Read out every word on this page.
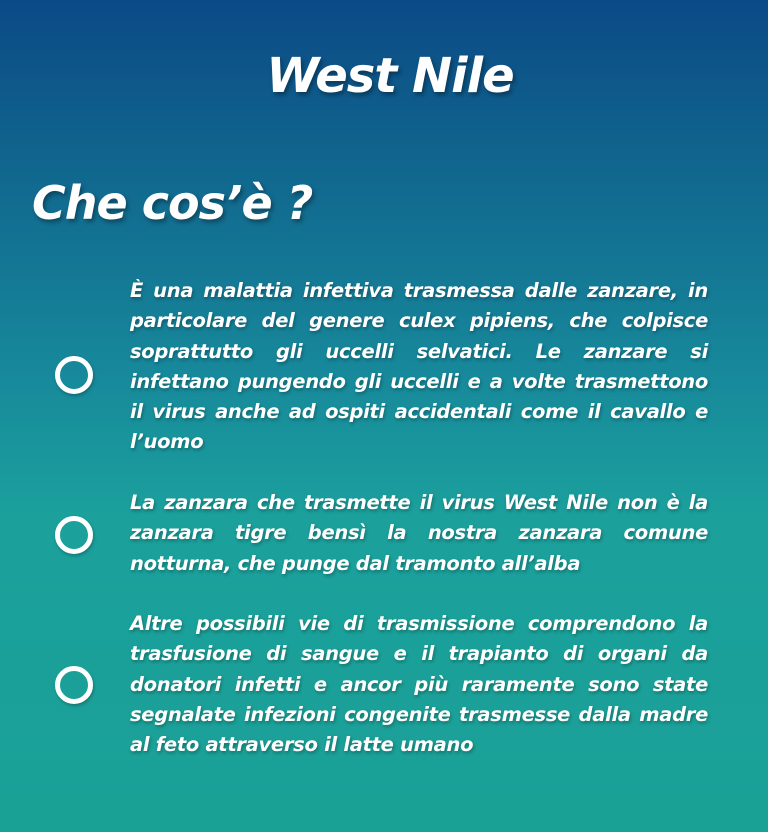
West Nile
Che cos’è ?
È una malattia infettiva trasmessa dalle zanzare, in particolare del genere culex pipiens, che colpisce soprattutto gli uccelli selvatici. Le zanzare si infettano pungendo gli uccelli e a volte trasmettono il virus anche ad ospiti accidentali come il cavallo e l’uomo
La zanzara che trasmette il virus West Nile non è la zanzara tigre bensì la nostra zanzara comune notturna, che punge dal tramonto all’alba
Altre possibili vie di trasmissione comprendono la trasfusione di sangue e il trapianto di organi da donatori infetti e ancor più raramente sono state segnalate infezioni congenite trasmesse dalla madre al feto attraverso il latte umano
